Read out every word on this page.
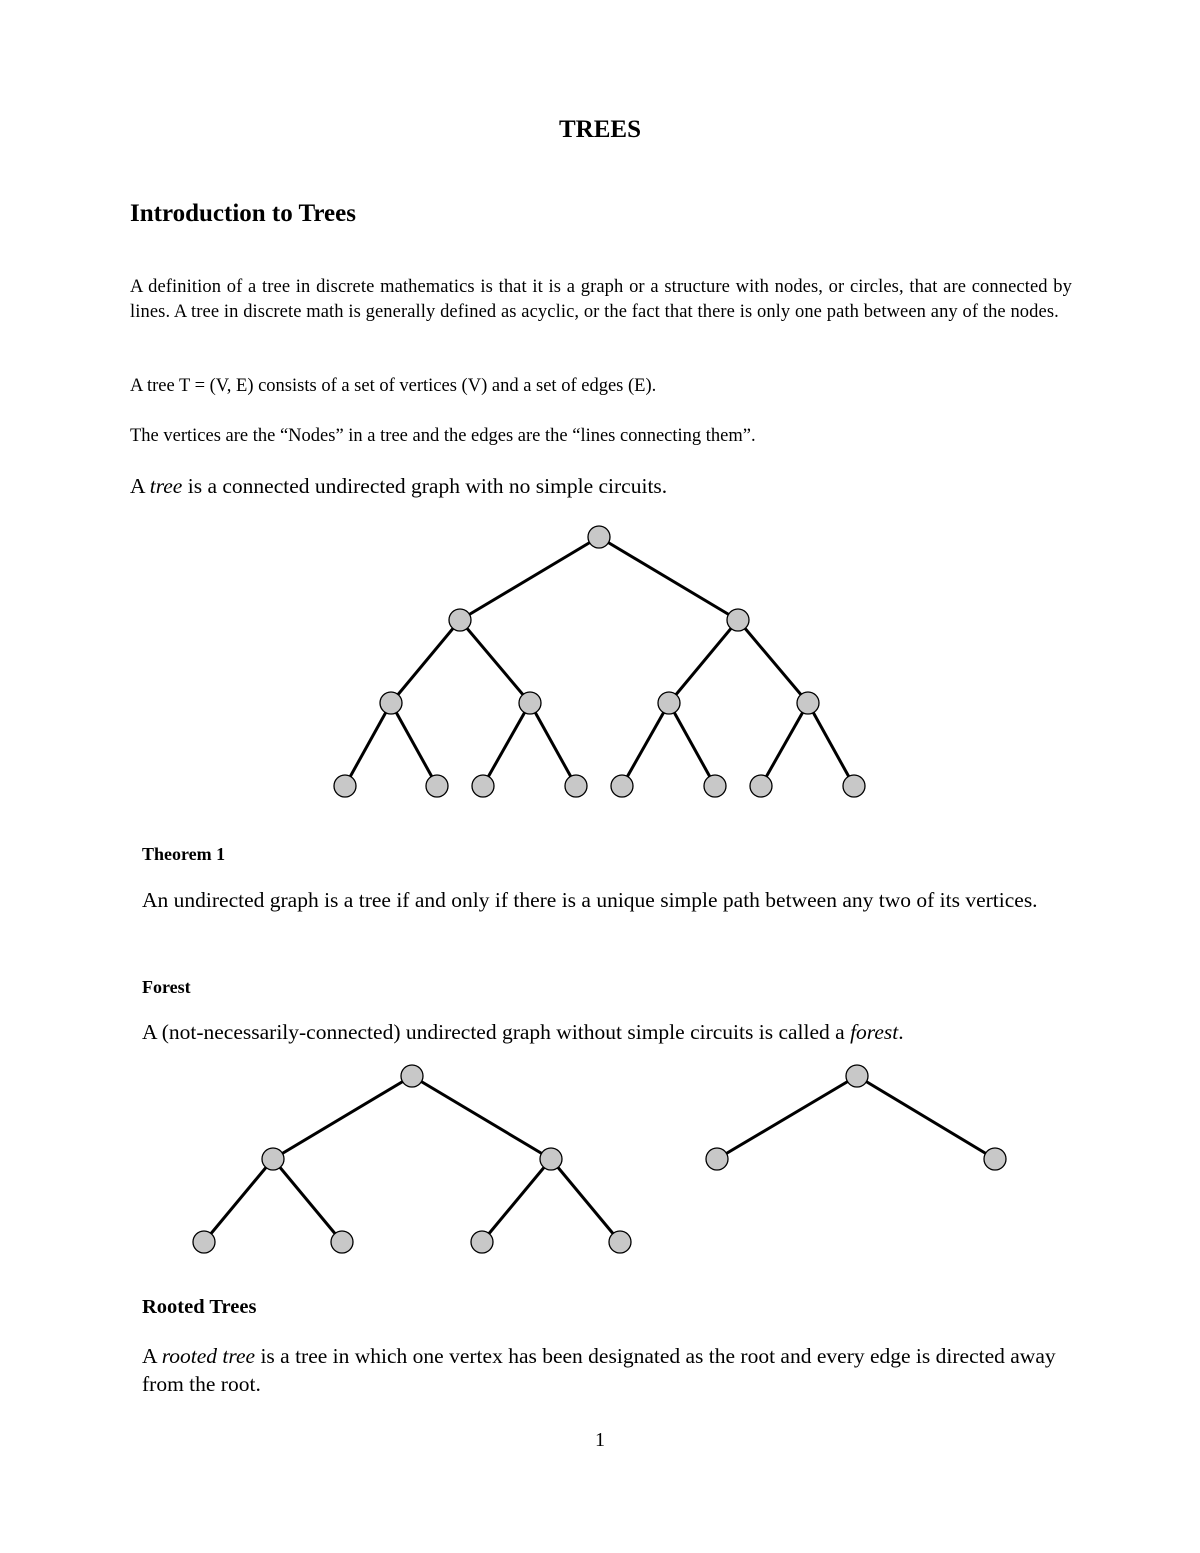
TREES
Introduction to Trees

A definition of a tree in discrete mathematics is that it is a graph or a structure with nodes, or circles, that are connected by lines. A tree in discrete math is generally defined as acyclic, or the fact that there is only one path between any of the nodes.

A tree T = (V, E) consists of a set of vertices (V) and a set of edges (E).

The vertices are the “Nodes” in a tree and the edges are the “lines connecting them”.

A tree is a connected undirected graph with no simple circuits.

Theorem 1

An undirected graph is a tree if and only if there is a unique simple path between any two of its vertices.

Forest

A (not-necessarily-connected) undirected graph without simple circuits is called a forest.

Rooted Trees

A rooted tree is a tree in which one vertex has been designated as the root and every edge is directed away from the root.

1
